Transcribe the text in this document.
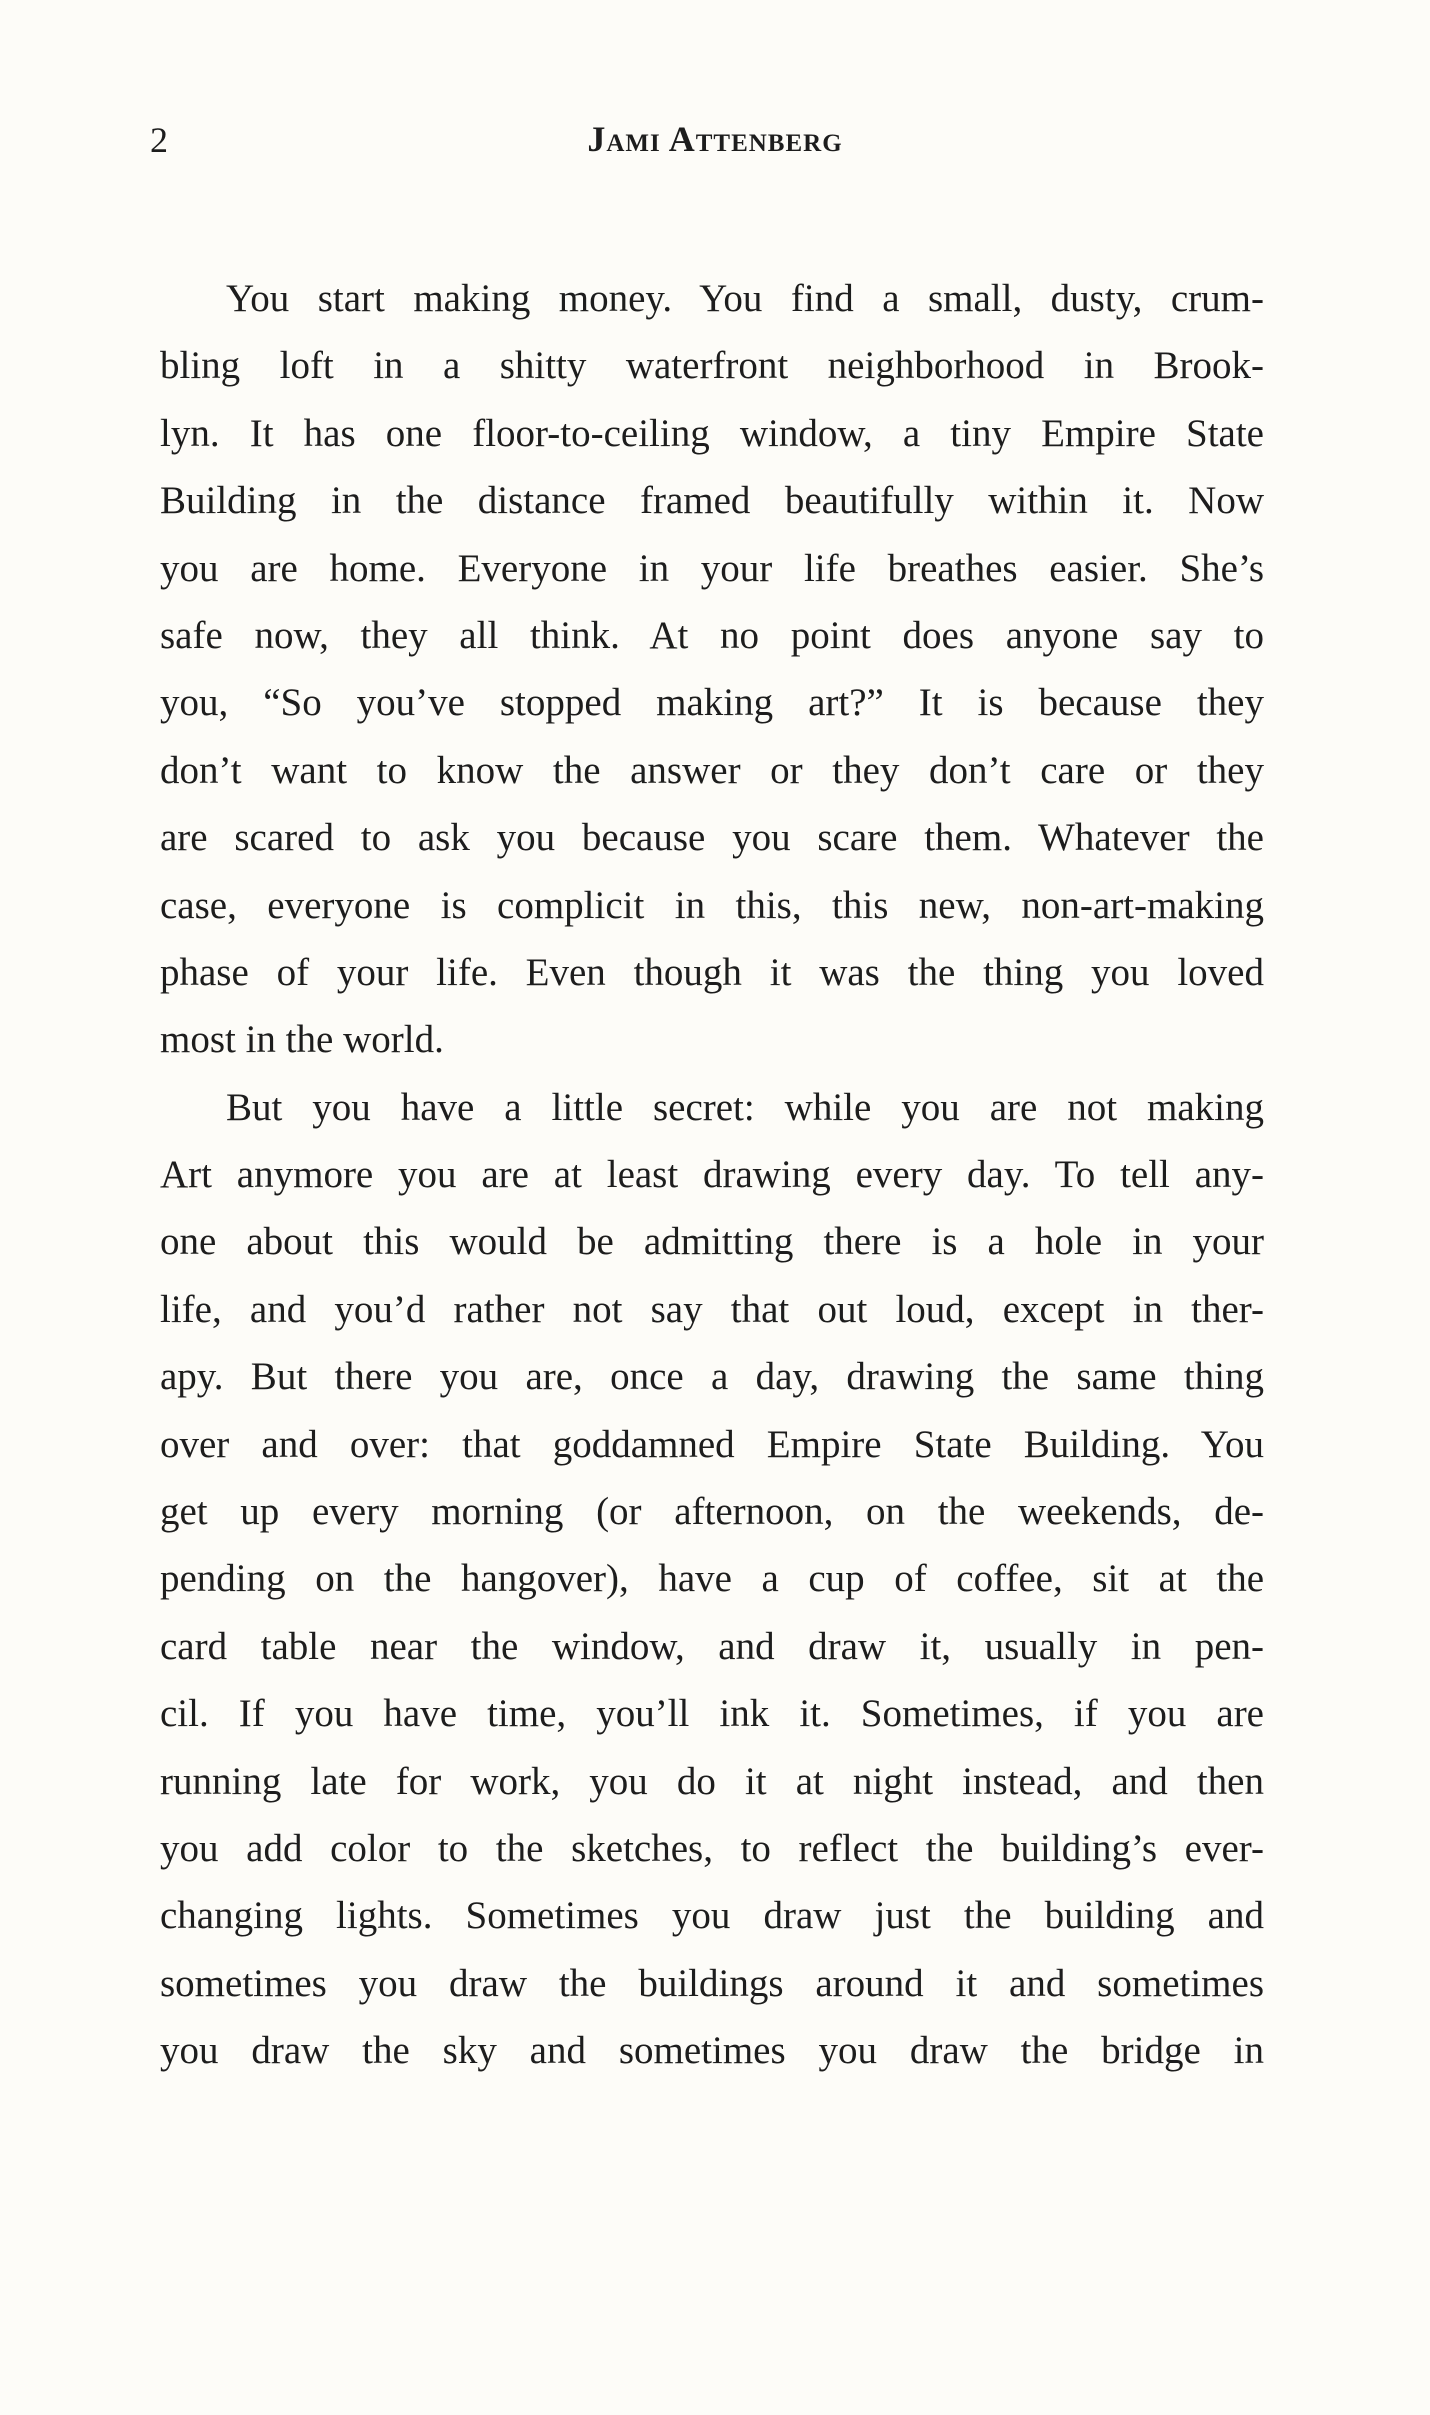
2	Jami Attenberg
You start making money. You find a small, dusty, crum-
bling loft in a shitty waterfront neighborhood in Brook-
lyn. It has one floor-to-ceiling window, a tiny Empire State
Building in the distance framed beautifully within it. Now
you are home. Everyone in your life breathes easier. She’s
safe now, they all think. At no point does anyone say to
you, “So you’ve stopped making art?” It is because they
don’t want to know the answer or they don’t care or they
are scared to ask you because you scare them. Whatever the
case, everyone is complicit in this, this new, non-art-making
phase of your life. Even though it was the thing you loved
most in the world.
But you have a little secret: while you are not making
Art anymore you are at least drawing every day. To tell any-
one about this would be admitting there is a hole in your
life, and you’d rather not say that out loud, except in ther-
apy. But there you are, once a day, drawing the same thing
over and over: that goddamned Empire State Building. You
get up every morning (or afternoon, on the weekends, de-
pending on the hangover), have a cup of coffee, sit at the
card table near the window, and draw it, usually in pen-
cil. If you have time, you’ll ink it. Sometimes, if you are
running late for work, you do it at night instead, and then
you add color to the sketches, to reflect the building’s ever-
changing lights. Sometimes you draw just the building and
sometimes you draw the buildings around it and sometimes
you draw the sky and sometimes you draw the bridge in
